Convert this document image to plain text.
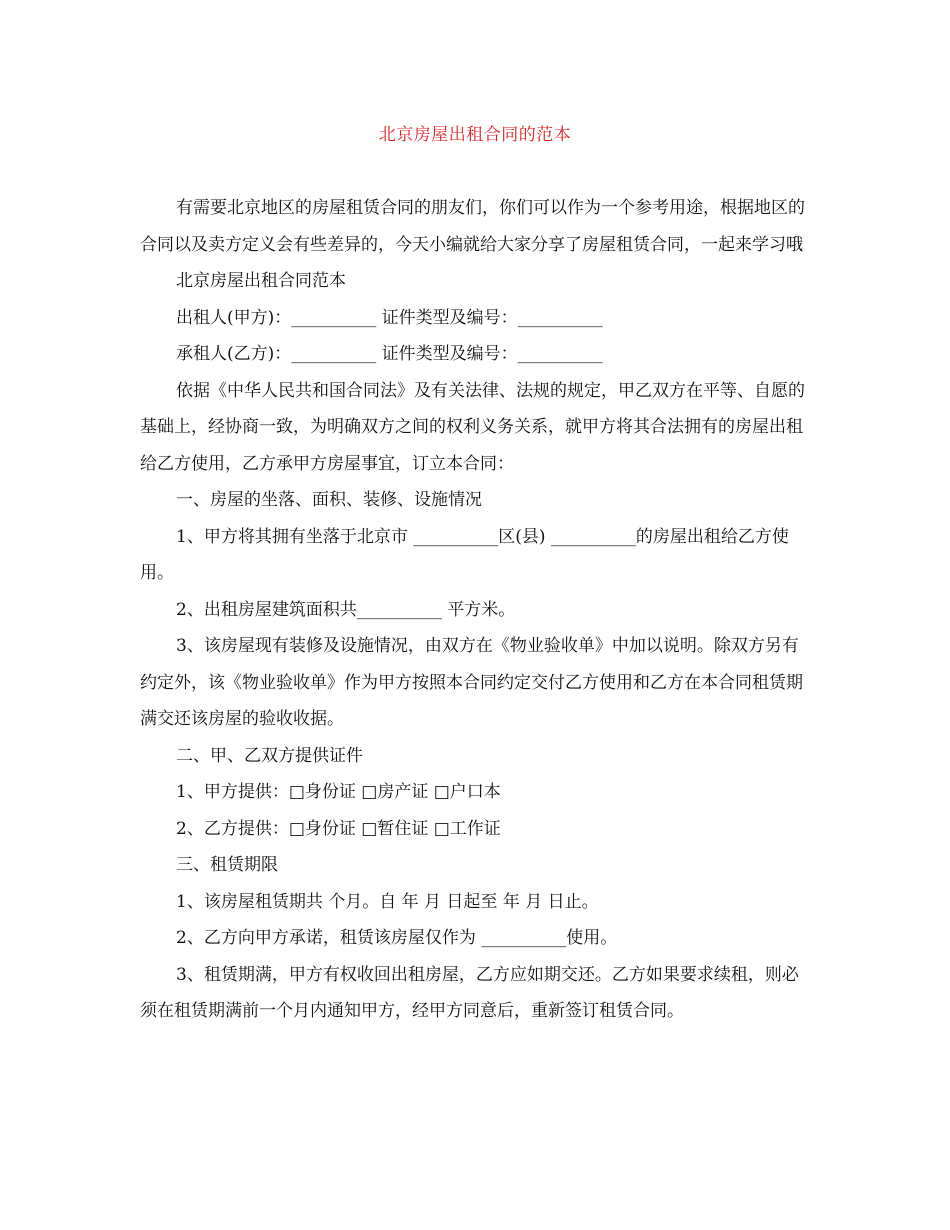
北京房屋出租合同的范本

有需要北京地区的房屋租赁合同的朋友们，你们可以作为一个参考用途，根据地区的合同以及卖方定义会有些差异的，今天小编就给大家分享了房屋租赁合同，一起来学习哦

北京房屋出租合同范本

出租人(甲方)：__________ 证件类型及编号：__________

承租人(乙方)：__________ 证件类型及编号：__________

依据《中华人民共和国合同法》及有关法律、法规的规定，甲乙双方在平等、自愿的基础上，经协商一致，为明确双方之间的权利义务关系，就甲方将其合法拥有的房屋出租给乙方使用，乙方承甲方房屋事宜，订立本合同：

一、房屋的坐落、面积、装修、设施情况

1、甲方将其拥有坐落于北京市 __________区(县) __________的房屋出租给乙方使用。

2、出租房屋建筑面积共__________ 平方米。

3、该房屋现有装修及设施情况，由双方在《物业验收单》中加以说明。除双方另有约定外，该《物业验收单》作为甲方按照本合同约定交付乙方使用和乙方在本合同租赁期满交还该房屋的验收收据。

二、甲、乙双方提供证件

1、甲方提供：□身份证 □房产证 □户口本

2、乙方提供：□身份证 □暂住证 □工作证

三、租赁期限

1、该房屋租赁期共 个月。自 年 月 日起至 年 月 日止。

2、乙方向甲方承诺，租赁该房屋仅作为 __________使用。

3、租赁期满，甲方有权收回出租房屋，乙方应如期交还。乙方如果要求续租，则必须在租赁期满前一个月内通知甲方，经甲方同意后，重新签订租赁合同。
